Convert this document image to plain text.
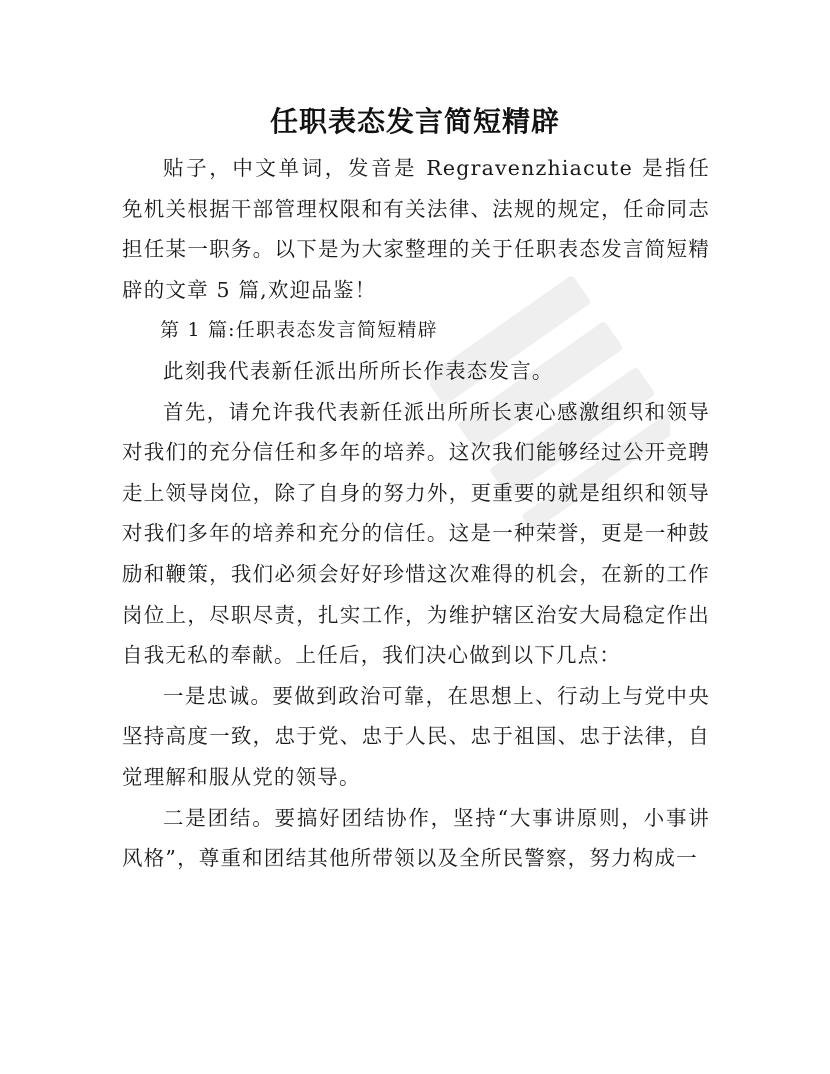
任职表态发言简短精辟

贴子，中文单词，发音是 Regravenzhiacute 是指任免机关根据干部管理权限和有关法律、法规的规定，任命同志担任某一职务。以下是为大家整理的关于任职表态发言简短精辟的文章 5 篇,欢迎品鉴！

第 1 篇:任职表态发言简短精辟

此刻我代表新任派出所所长作表态发言。

首先，请允许我代表新任派出所所长衷心感激组织和领导对我们的充分信任和多年的培养。这次我们能够经过公开竞聘走上领导岗位，除了自身的努力外，更重要的就是组织和领导对我们多年的培养和充分的信任。这是一种荣誉，更是一种鼓励和鞭策，我们必须会好好珍惜这次难得的机会，在新的工作岗位上，尽职尽责，扎实工作，为维护辖区治安大局稳定作出自我无私的奉献。上任后，我们决心做到以下几点：

一是忠诚。要做到政治可靠，在思想上、行动上与党中央坚持高度一致，忠于党、忠于人民、忠于祖国、忠于法律，自觉理解和服从党的领导。

二是团结。要搞好团结协作，坚持“大事讲原则，小事讲风格”，尊重和团结其他所带领以及全所民警察，努力构成一
